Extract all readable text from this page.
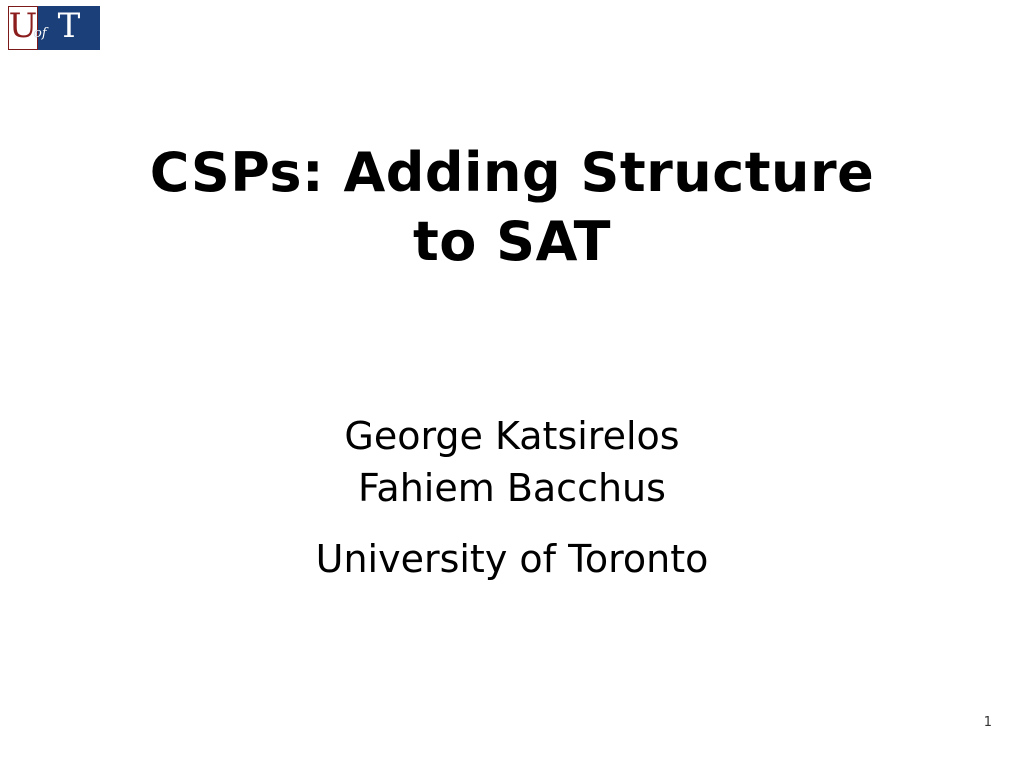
U T
of
CSPs: Adding Structure to SAT
George Katsirelos
Fahiem Bacchus
University of Toronto
1
